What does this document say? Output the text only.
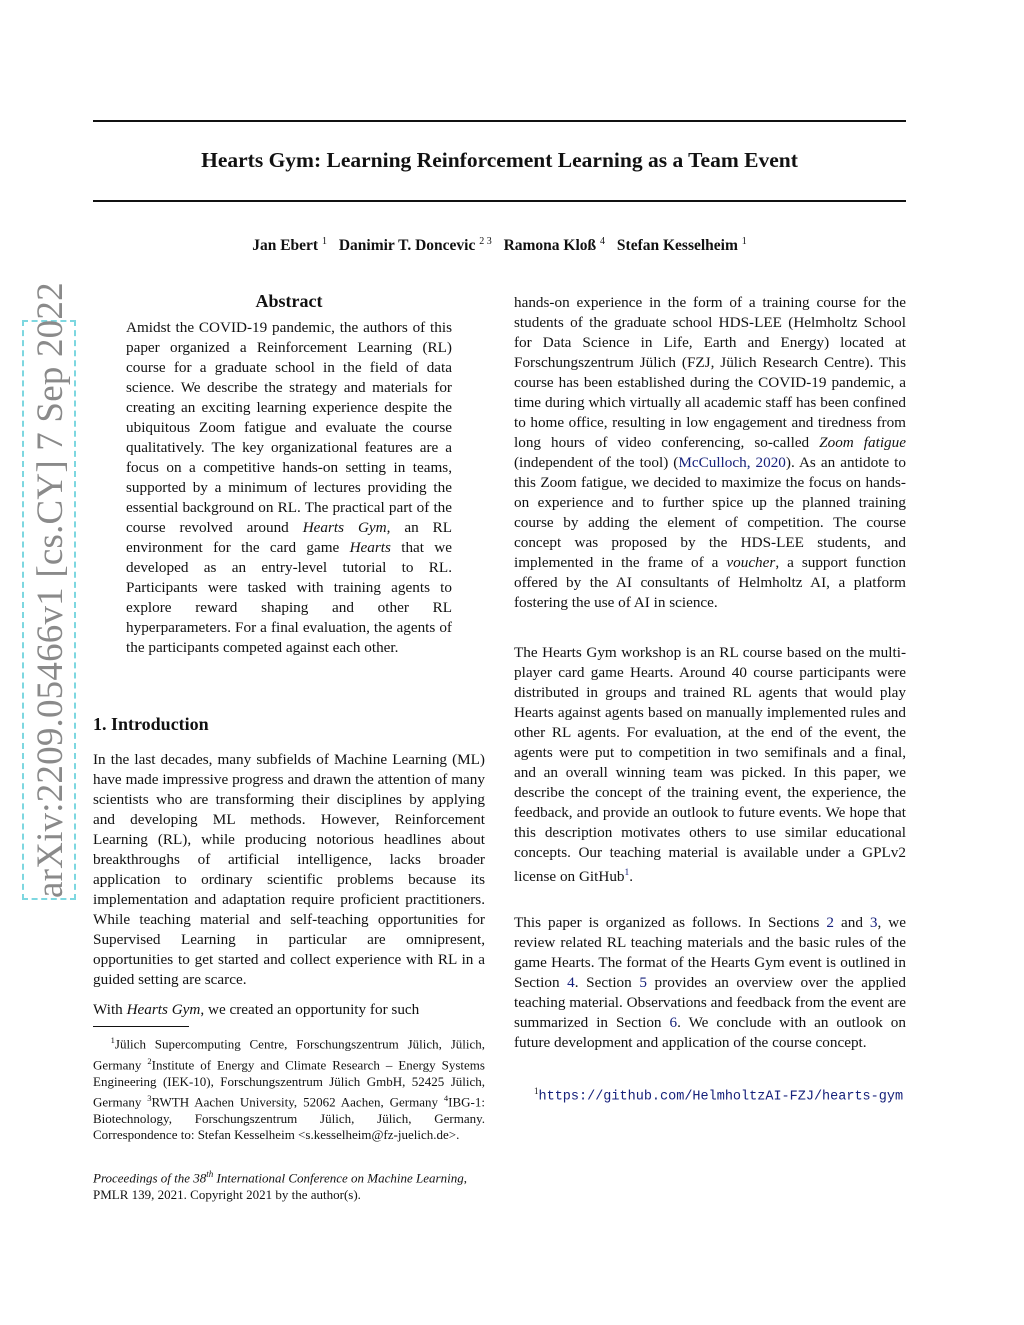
arXiv:2209.05466v1 [cs.CY] 7 Sep 2022
Hearts Gym: Learning Reinforcement Learning as a Team Event
Jan Ebert $^1$ Danimir T. Doncevic $^{2 3}$ Ramona Kloß $^4$ Stefan Kesselheim $^1$
Abstract

Amidst the COVID-19 pandemic, the authors of this paper organized a Reinforcement Learning (RL) course for a graduate school in the field of data science. We describe the strategy and materials for creating an exciting learning experience despite the ubiquitous Zoom fatigue and evaluate the course qualitatively. The key organizational features are a focus on a competitive hands-on setting in teams, supported by a minimum of lectures providing the essential background on RL. The practical part of the course revolved around Hearts Gym, an RL environment for the card game Hearts that we developed as an entry-level tutorial to RL. Participants were tasked with training agents to explore reward shaping and other RL hyperparameters. For a final evaluation, the agents of the participants competed against each other.

1. Introduction

In the last decades, many subfields of Machine Learning (ML) have made impressive progress and drawn the attention of many scientists who are transforming their disciplines by applying and developing ML methods. However, Reinforcement Learning (RL), while producing notorious headlines about breakthroughs of artificial intelligence, lacks broader application to ordinary scientific problems because its implementation and adaptation require proficient practitioners. While teaching material and self-teaching opportunities for Supervised Learning in particular are omnipresent, opportunities to get started and collect experience with RL in a guided setting are scarce.

With Hearts Gym, we created an opportunity for such

$^1$Jülich Supercomputing Centre, Forschungszentrum Jülich, Jülich, Germany $^2$Institute of Energy and Climate Research – Energy Systems Engineering (IEK-10), Forschungszentrum Jülich GmbH, 52425 Jülich, Germany $^3$RWTH Aachen University, 52062 Aachen, Germany $^4$IBG-1: Biotechnology, Forschungszentrum Jülich, Jülich, Germany. Correspondence to: Stefan Kesselheim <s.kesselheim@fz-juelich.de>.
Proceedings of the 38th International Conference on Machine Learning, PMLR 139, 2021. Copyright 2021 by the author(s).

hands-on experience in the form of a training course for the students of the graduate school HDS-LEE (Helmholtz School for Data Science in Life, Earth and Energy) located at Forschungszentrum Jülich (FZJ, Jülich Research Centre). This course has been established during the COVID-19 pandemic, a time during which virtually all academic staff has been confined to home office, resulting in low engagement and tiredness from long hours of video conferencing, so-called Zoom fatigue (independent of the tool) (McCulloch, 2020). As an antidote to this Zoom fatigue, we decided to maximize the focus on hands-on experience and to further spice up the planned training course by adding the element of competition. The course concept was proposed by the HDS-LEE students, and implemented in the frame of a voucher, a support function offered by the AI consultants of Helmholtz AI, a platform fostering the use of AI in science.

The Hearts Gym workshop is an RL course based on the multi-player card game Hearts. Around 40 course participants were distributed in groups and trained RL agents that would play Hearts against agents based on manually implemented rules and other RL agents. For evaluation, at the end of the event, the agents were put to competition in two semifinals and a final, and an overall winning team was picked. In this paper, we describe the concept of the training event, the experience, the feedback, and provide an outlook to future events. We hope that this description motivates others to use similar educational concepts. Our teaching material is available under a GPLv2 license on GitHub$^1$.

This paper is organized as follows. In Sections 2 and 3, we review related RL teaching materials and the basic rules of the game Hearts. The format of the Hearts Gym event is outlined in Section 4. Section 5 provides an overview over the applied teaching material. Observations and feedback from the event are summarized in Section 6. We conclude with an outlook on future development and application of the course concept.

$^1$https://github.com/HelmholtzAI-FZJ/hearts-gym
